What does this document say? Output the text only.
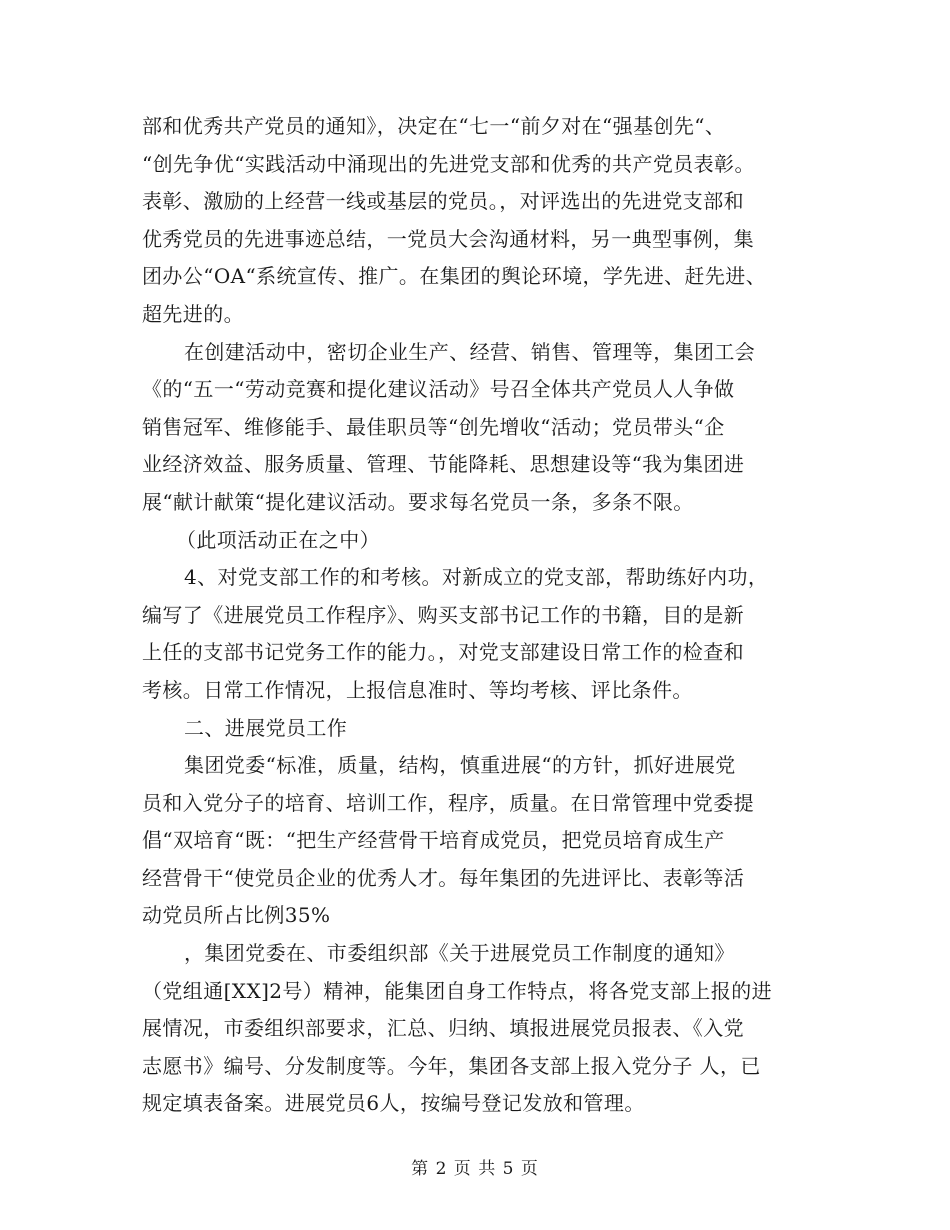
部和优秀共产党员的通知》，决定在“七一“前夕对在“强基创先“、
“创先争优“实践活动中涌现出的先进党支部和优秀的共产党员表彰。
表彰、激励的上经营一线或基层的党员。，对评选出的先进党支部和
优秀党员的先进事迹总结，一党员大会沟通材料，另一典型事例，集
团办公“OA“系统宣传、推广。在集团的舆论环境，学先进、赶先进、
超先进的。
在创建活动中，密切企业生产、经营、销售、管理等，集团工会
《的“五一“劳动竞赛和提化建议活动》号召全体共产党员人人争做
销售冠军、维修能手、最佳职员等“创先增收“活动；党员带头“企
业经济效益、服务质量、管理、节能降耗、思想建设等“我为集团进
展“献计献策“提化建议活动。要求每名党员一条，多条不限。
（此项活动正在之中）
4、对党支部工作的和考核。对新成立的党支部，帮助练好内功，
编写了《进展党员工作程序》、购买支部书记工作的书籍，目的是新
上任的支部书记党务工作的能力。，对党支部建设日常工作的检查和
考核。日常工作情况，上报信息准时、等均考核、评比条件。
二、进展党员工作
集团党委“标准，质量，结构，慎重进展“的方针，抓好进展党
员和入党分子的培育、培训工作，程序，质量。在日常管理中党委提
倡“双培育“既：“把生产经营骨干培育成党员，把党员培育成生产
经营骨干“使党员企业的优秀人才。每年集团的先进评比、表彰等活
动党员所占比例35%
，集团党委在、市委组织部《关于进展党员工作制度的通知》
（党组通[XX]2号）精神，能集团自身工作特点，将各党支部上报的进
展情况，市委组织部要求，汇总、归纳、填报进展党员报表、《入党
志愿书》编号、分发制度等。今年，集团各支部上报入党分子 人，已
规定填表备案。进展党员6人，按编号登记发放和管理。
第 2 页 共 5 页
